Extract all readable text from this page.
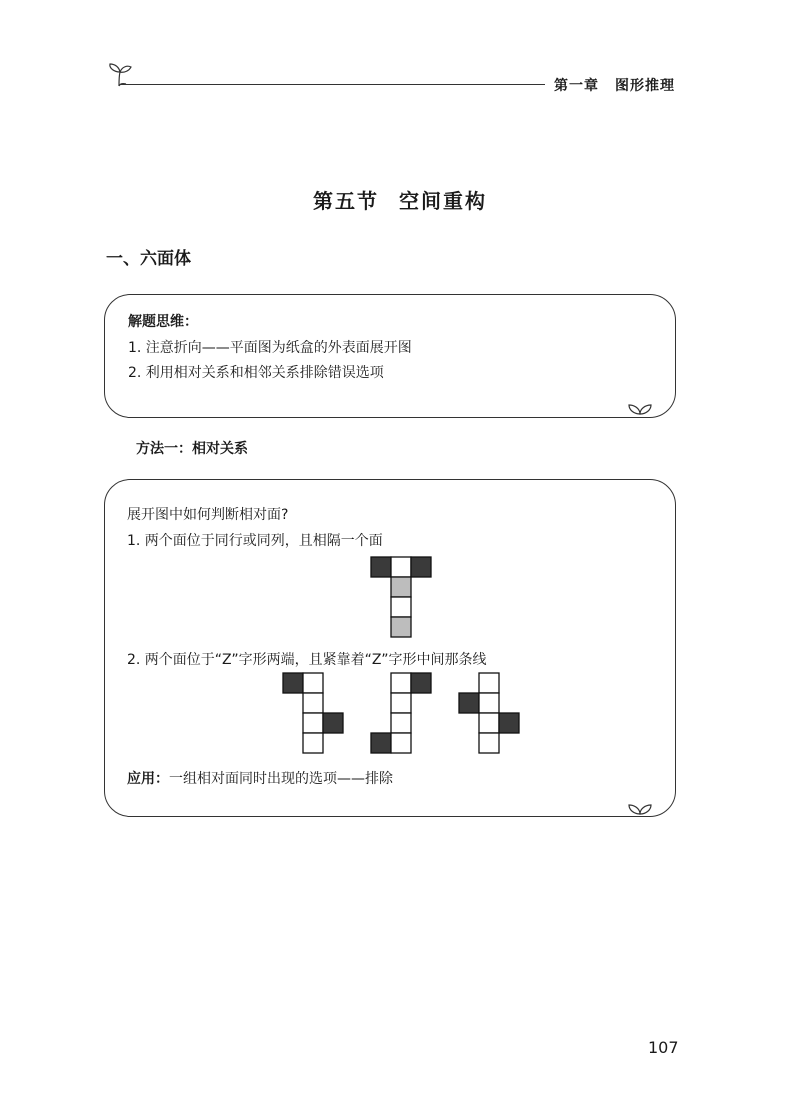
第一章 图形推理
第五节 空间重构
一、六面体
解题思维：
1. 注意折向——平面图为纸盒的外表面展开图
2. 利用相对关系和相邻关系排除错误选项
方法一：相对关系
展开图中如何判断相对面?
1. 两个面位于同行或同列，且相隔一个面
2. 两个面位于“Z”字形两端，且紧靠着“Z”字形中间那条线
应用：一组相对面同时出现的选项——排除
107
